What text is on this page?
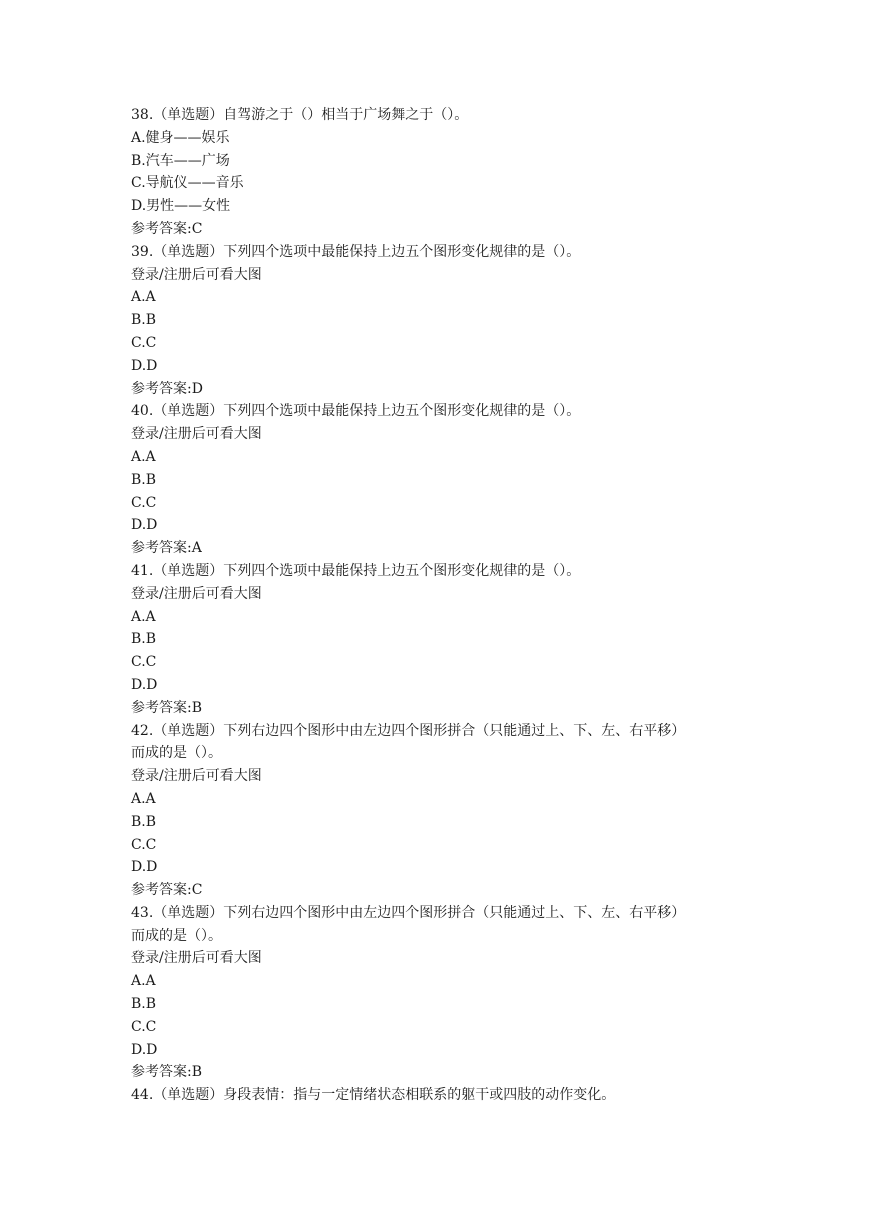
38.（单选题）自驾游之于（）相当于广场舞之于（）。

A.健身——娱乐

B.汽车——广场

C.导航仪——音乐

D.男性——女性

参考答案:C

39.（单选题）下列四个选项中最能保持上边五个图形变化规律的是（）。

登录/注册后可看大图

A.A

B.B

C.C

D.D

参考答案:D

40.（单选题）下列四个选项中最能保持上边五个图形变化规律的是（）。

登录/注册后可看大图

A.A

B.B

C.C

D.D

参考答案:A

41.（单选题）下列四个选项中最能保持上边五个图形变化规律的是（）。

登录/注册后可看大图

A.A

B.B

C.C

D.D

参考答案:B

42.（单选题）下列右边四个图形中由左边四个图形拼合（只能通过上、下、左、右平移）

而成的是（）。

登录/注册后可看大图

A.A

B.B

C.C

D.D

参考答案:C

43.（单选题）下列右边四个图形中由左边四个图形拼合（只能通过上、下、左、右平移）

而成的是（）。

登录/注册后可看大图

A.A

B.B

C.C

D.D

参考答案:B

44.（单选题）身段表情：指与一定情绪状态相联系的躯干或四肢的动作变化。
